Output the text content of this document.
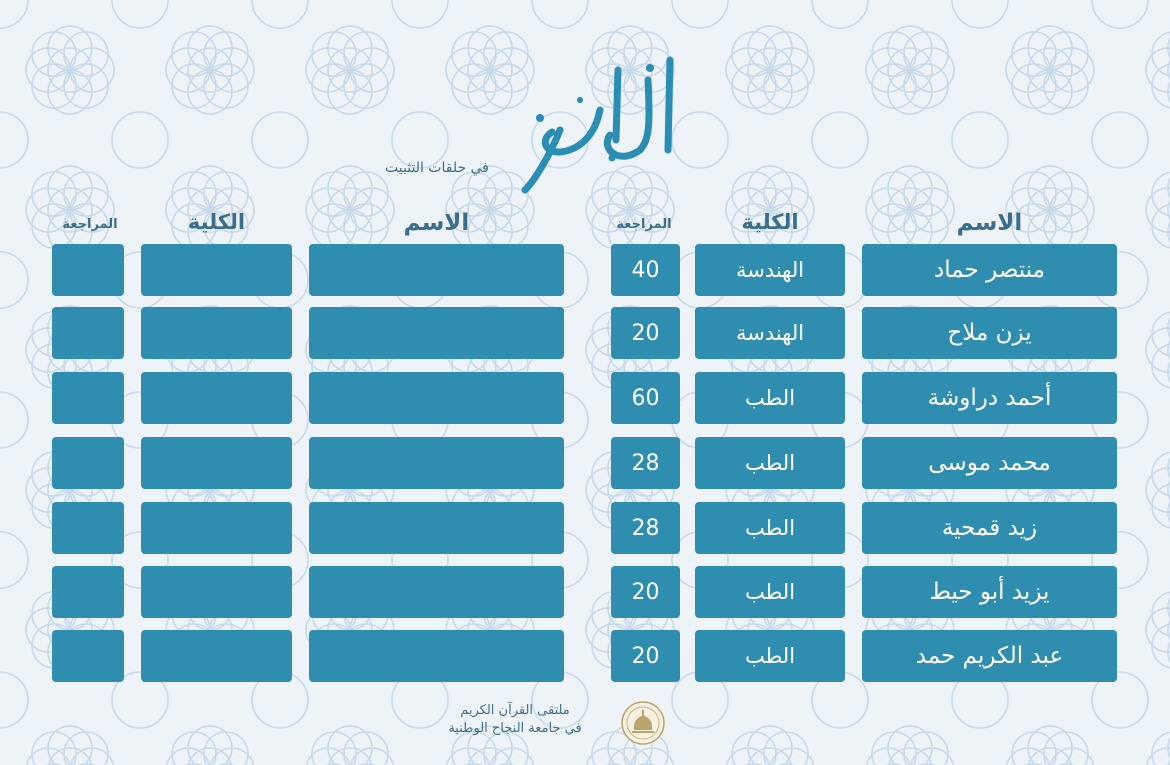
في حلقات التثبيت
الاسم
الكلية
المراجعة
الاسم
الكلية
المراجعة
منتصر حماد
الهندسة
40
يزن ملاح
الهندسة
20
أحمد دراوشة
الطب
60
محمد موسى
الطب
28
زيد قمحية
الطب
28
يزيد أبو حيط
الطب
20
عبد الكريم حمد
الطب
20
ملتقى القرآن الكريم
في جامعة النجاح الوطنية
